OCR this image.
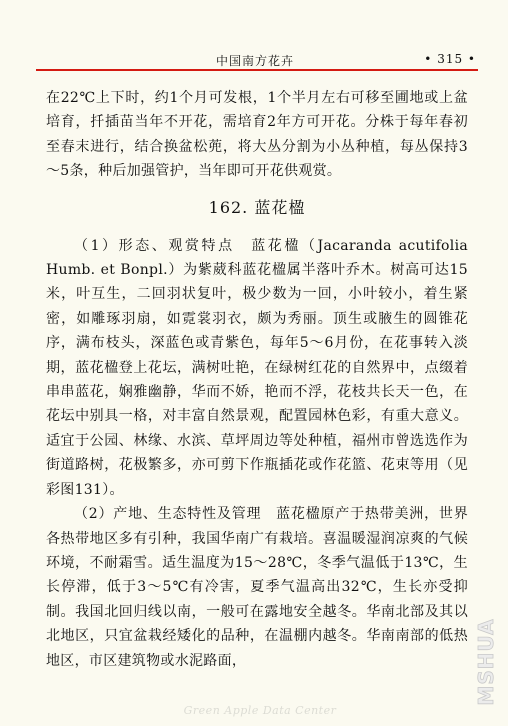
中国南方花卉	• 315 •

在22℃上下时，约1个月可发根，1个半月左右可移至圃地或上盆培育，扦插苗当年不开花，需培育2年方可开花。分株于每年春初至春末进行，结合换盆松蔸，将大丛分割为小丛种植，每丛保持3～5条，种后加强管护，当年即可开花供观赏。

162. 蓝花楹

（1）形态、观赏特点　蓝花楹（Jacaranda acutifolia Humb. et Bonpl.）为紫葳科蓝花楹属半落叶乔木。树高可达15米，叶互生，二回羽状复叶，极少数为一回，小叶较小，着生紧密，如雕琢羽扇，如霓裳羽衣，颇为秀丽。顶生或腋生的圆锥花序，满布枝头，深蓝色或青紫色，每年5～6月份，在花事转入淡期，蓝花楹登上花坛，满树吐艳，在绿树红花的自然界中，点缀着串串蓝花，娴雅幽静，华而不娇，艳而不浮，花枝共长天一色，在花坛中别具一格，对丰富自然景观，配置园林色彩，有重大意义。适宜于公园、林缘、水滨、草坪周边等处种植，福州市曾选选作为街道路树，花极繁多，亦可剪下作瓶插花或作花篮、花束等用（见彩图131）。

（2）产地、生态特性及管理　蓝花楹原产于热带美洲，世界各热带地区多有引种，我国华南广有栽培。喜温暖湿润凉爽的气候环境，不耐霜雪。适生温度为15～28℃，冬季气温低于13℃，生长停滞，低于3～5℃有冷害，夏季气温高出32℃，生长亦受抑制。我国北回归线以南，一般可在露地安全越冬。华南北部及其以北地区，只宜盆栽经矮化的品种，在温棚内越冬。华南南部的低热地区，市区建筑物或水泥路面，	MSHUA
Green Apple Data Center
